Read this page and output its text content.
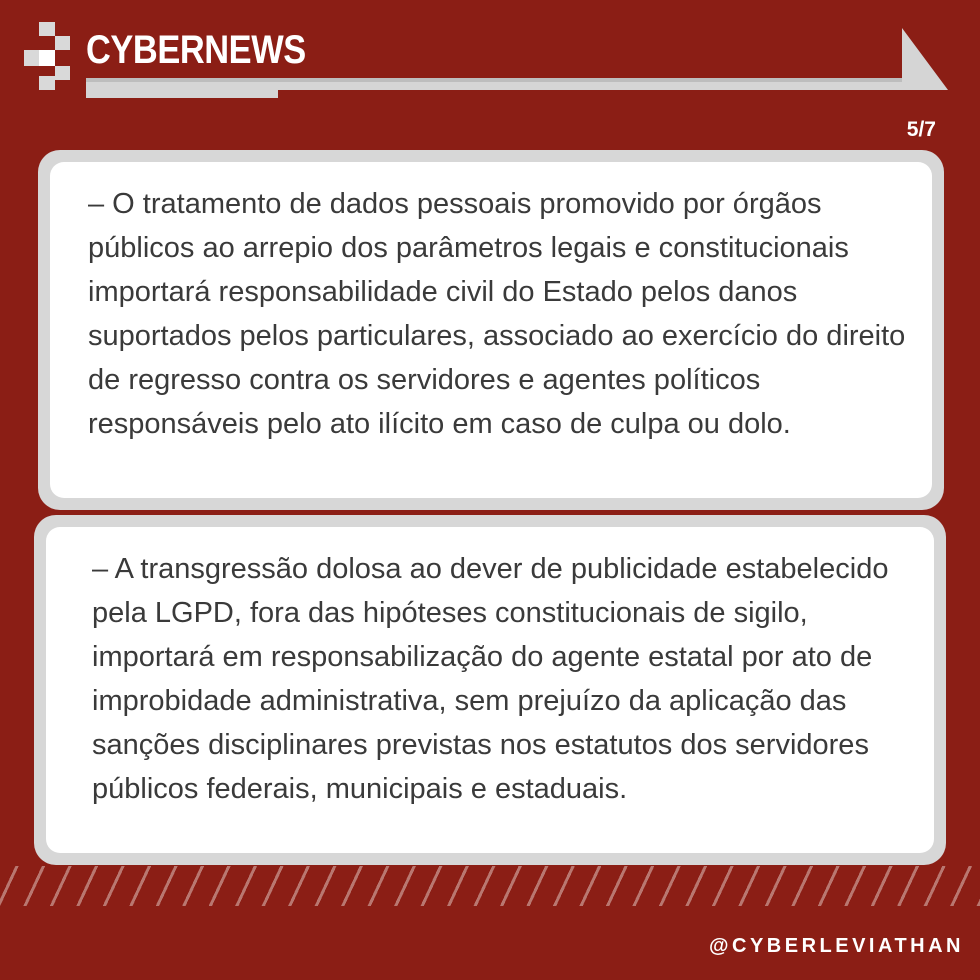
CYBERNEWS
5/7

– O tratamento de dados pessoais promovido por órgãos públicos ao arrepio dos parâmetros legais e constitucionais importará responsabilidade civil do Estado pelos danos suportados pelos particulares, associado ao exercício do direito de regresso contra os servidores e agentes políticos responsáveis pelo ato ilícito em caso de culpa ou dolo.

– A transgressão dolosa ao dever de publicidade estabelecido pela LGPD, fora das hipóteses constitucionais de sigilo, importará em responsabilização do agente estatal por ato de improbidade administrativa, sem prejuízo da aplicação das sanções disciplinares previstas nos estatutos dos servidores públicos federais, municipais e estaduais.

@CYBERLEVIATHAN
